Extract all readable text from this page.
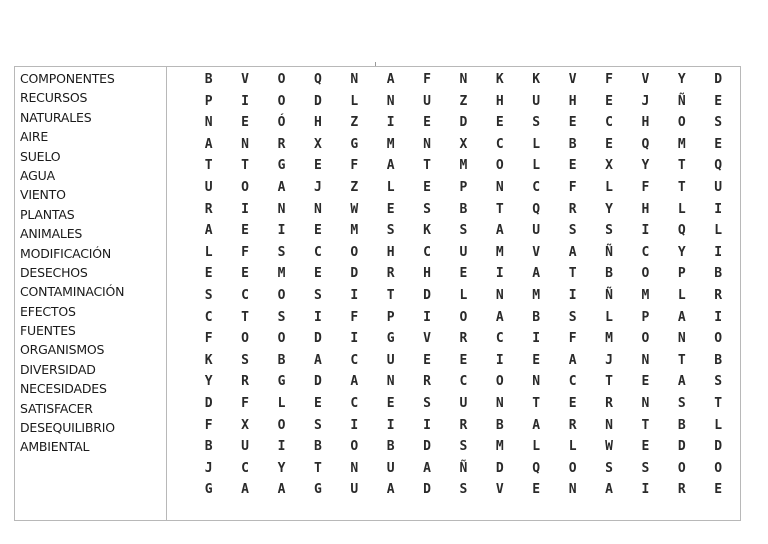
COMPONENTES
RECURSOS
NATURALES
AIRE
SUELO
AGUA
VIENTO
PLANTAS
ANIMALES
MODIFICACIÓN
DESECHOS
CONTAMINACIÓN
EFECTOS
FUENTES
ORGANISMOS
DIVERSIDAD
NECESIDADES
SATISFACER
DESEQUILIBRIO
AMBIENTAL
B	V	O	Q	N	A	F	N	K	K	V	F	V	Y	D
P	I	O	D	L	N	U	Z	H	U	H	E	J	Ñ	E
N	E	Ó	H	Z	I	E	D	E	S	E	C	H	O	S
A	N	R	X	G	M	N	X	C	L	B	E	Q	M	E
T	T	G	E	F	A	T	M	O	L	E	X	Y	T	Q
U	O	A	J	Z	L	E	P	N	C	F	L	F	T	U
R	I	N	N	W	E	S	B	T	Q	R	Y	H	L	I
A	E	I	E	M	S	K	S	A	U	S	S	I	Q	L
L	F	S	C	O	H	C	U	M	V	A	Ñ	C	Y	I
E	E	M	E	D	R	H	E	I	A	T	B	O	P	B
S	C	O	S	I	T	D	L	N	M	I	Ñ	M	L	R
C	T	S	I	F	P	I	O	A	B	S	L	P	A	I
F	O	O	D	I	G	V	R	C	I	F	M	O	N	O
K	S	B	A	C	U	E	E	I	E	A	J	N	T	B
Y	R	G	D	A	N	R	C	O	N	C	T	E	A	S
D	F	L	E	C	E	S	U	N	T	E	R	N	S	T
F	X	O	S	I	I	I	R	B	A	R	N	T	B	L
B	U	I	B	O	B	D	S	M	L	L	W	E	D	D
J	C	Y	T	N	U	A	Ñ	D	Q	O	S	S	O	O
G	A	A	G	U	A	D	S	V	E	N	A	I	R	E
